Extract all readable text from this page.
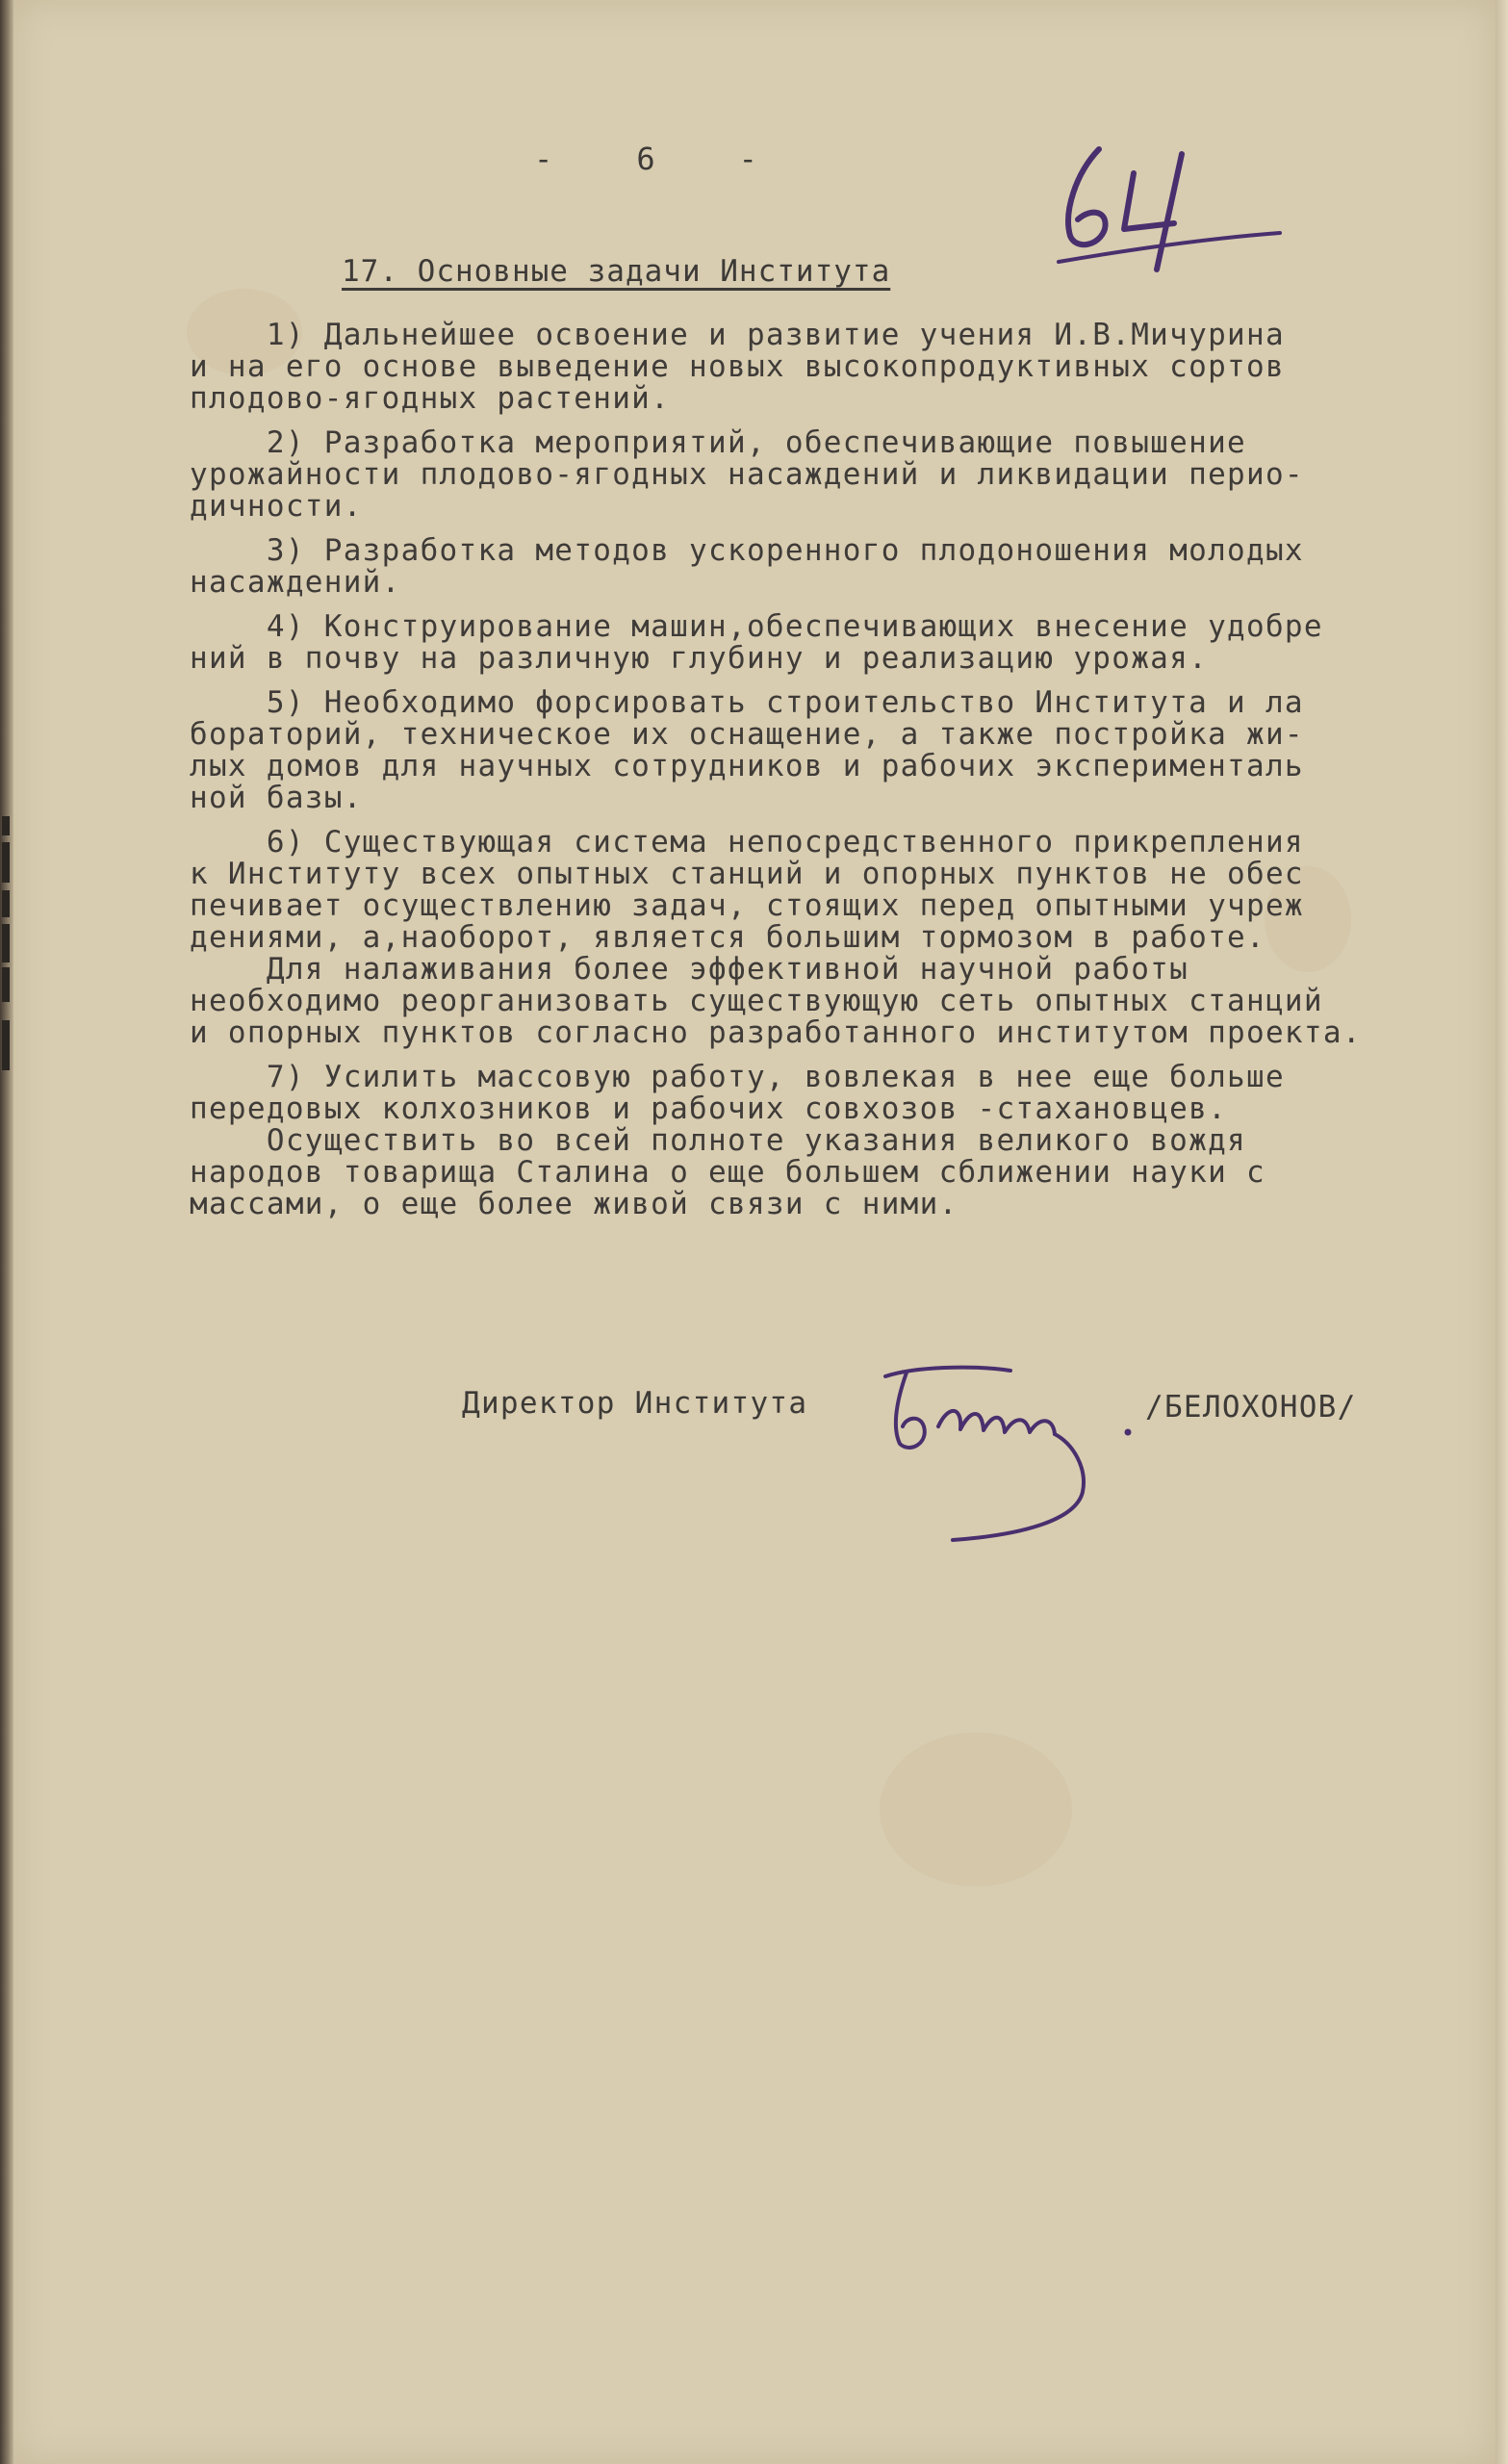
-    6    -
17. Основные задачи Института
1) Дальнейшее освоение и развитие учения И.В.Мичурина
и на его основе выведение новых высокопродуктивных сортов
плодово-ягодных растений.
2) Разработка мероприятий, обеспечивающие повышение
урожайности плодово-ягодных насаждений и ликвидации перио-
дичности.
3) Разработка методов ускоренного плодоношения молодых
насаждений.
4) Конструирование машин,обеспечивающих внесение удобре
ний в почву на различную глубину и реализацию урожая.
5) Необходимо форсировать строительство Института и ла
бораторий, техническое их оснащение, а также постройка жи-
лых домов для научных сотрудников и рабочих эксперименталь
ной базы.
6) Существующая система непосредственного прикрепления
к Институту всех опытных станций и опорных пунктов не обес
печивает осуществлению задач, стоящих перед опытными учреж
дениями, а,наоборот, является большим тормозом в работе.
Для налаживания более эффективной научной работы
необходимо реорганизовать существующую сеть опытных станций
и опорных пунктов согласно разработанного институтом проекта.
7) Усилить массовую работу, вовлекая в нее еще больше
передовых колхозников и рабочих совхозов -стахановцев.
Осуществить во всей полноте указания великого вождя
народов товарища Сталина о еще большем сближении науки с
массами, о еще более живой связи с ними.
Директор Института	/БЕЛОХОНОВ/
